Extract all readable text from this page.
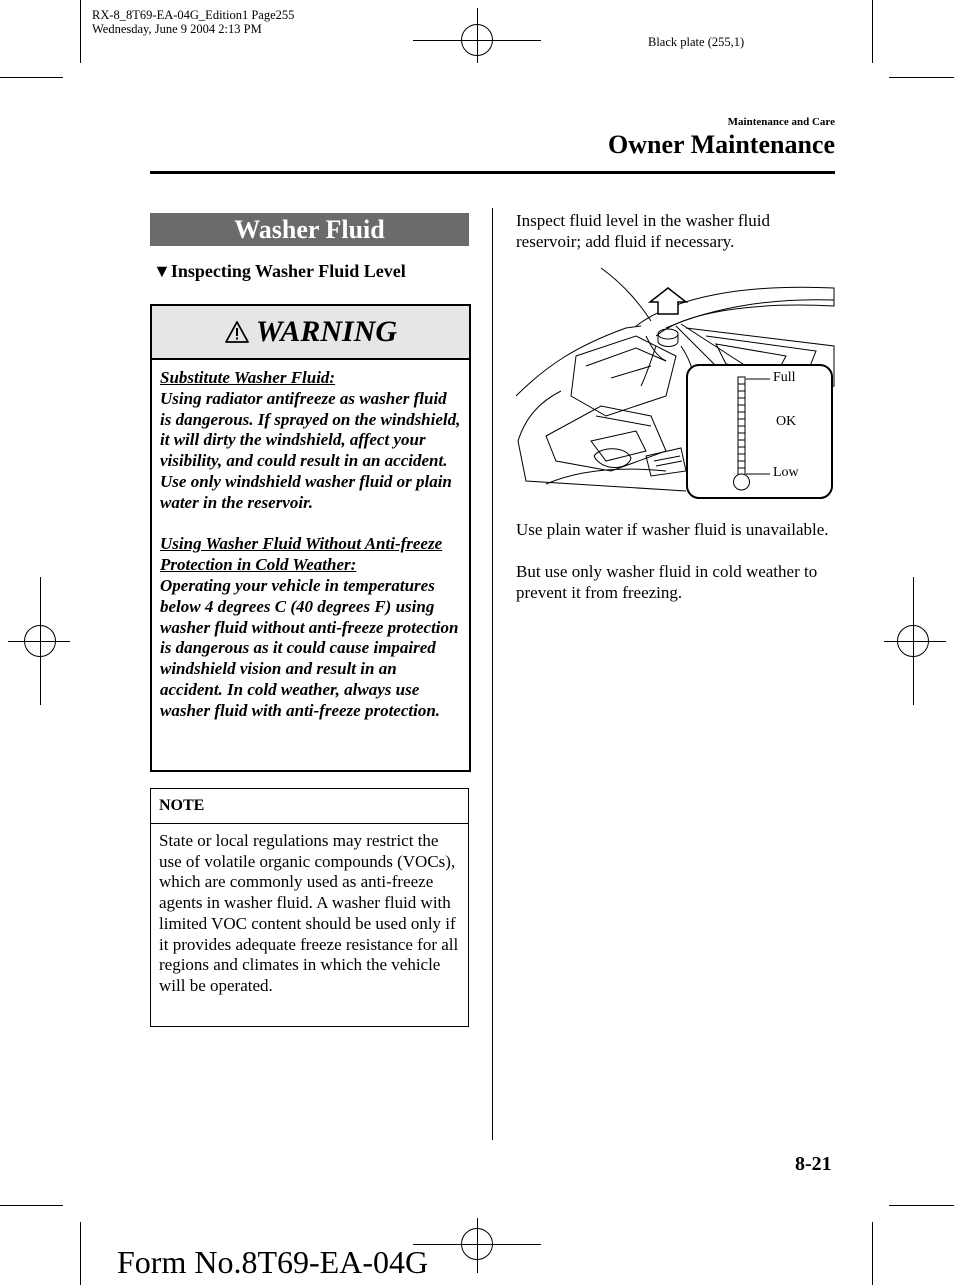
RX-8_8T69-EA-04G_Edition1 Page255
Wednesday, June 9 2004 2:13 PM
Black plate (255,1)
Maintenance and Care
Owner Maintenance
Washer Fluid
▼Inspecting Washer Fluid Level
WARNING

Substitute Washer Fluid:

Using radiator antifreeze as washer fluid is dangerous. If sprayed on the windshield, it will dirty the windshield, affect your visibility, and could result in an accident. Use only windshield washer fluid or plain water in the reservoir.

Using Washer Fluid Without Anti-freeze Protection in Cold Weather:

Operating your vehicle in temperatures below 4 degrees C (40 degrees F) using washer fluid without anti-freeze protection is dangerous as it could cause impaired windshield vision and result in an accident. In cold weather, always use washer fluid with anti-freeze protection.

NOTE
State or local regulations may restrict the use of volatile organic compounds (VOCs), which are commonly used as anti-freeze agents in washer fluid. A washer fluid with limited VOC content should be used only if it provides adequate freeze resistance for all regions and climates in which the vehicle will be operated.
Inspect fluid level in the washer fluid reservoir; add fluid if necessary.
Full
OK
Low
Use plain water if washer fluid is unavailable.
But use only washer fluid in cold weather to prevent it from freezing.
8-21
Form No.8T69-EA-04G
